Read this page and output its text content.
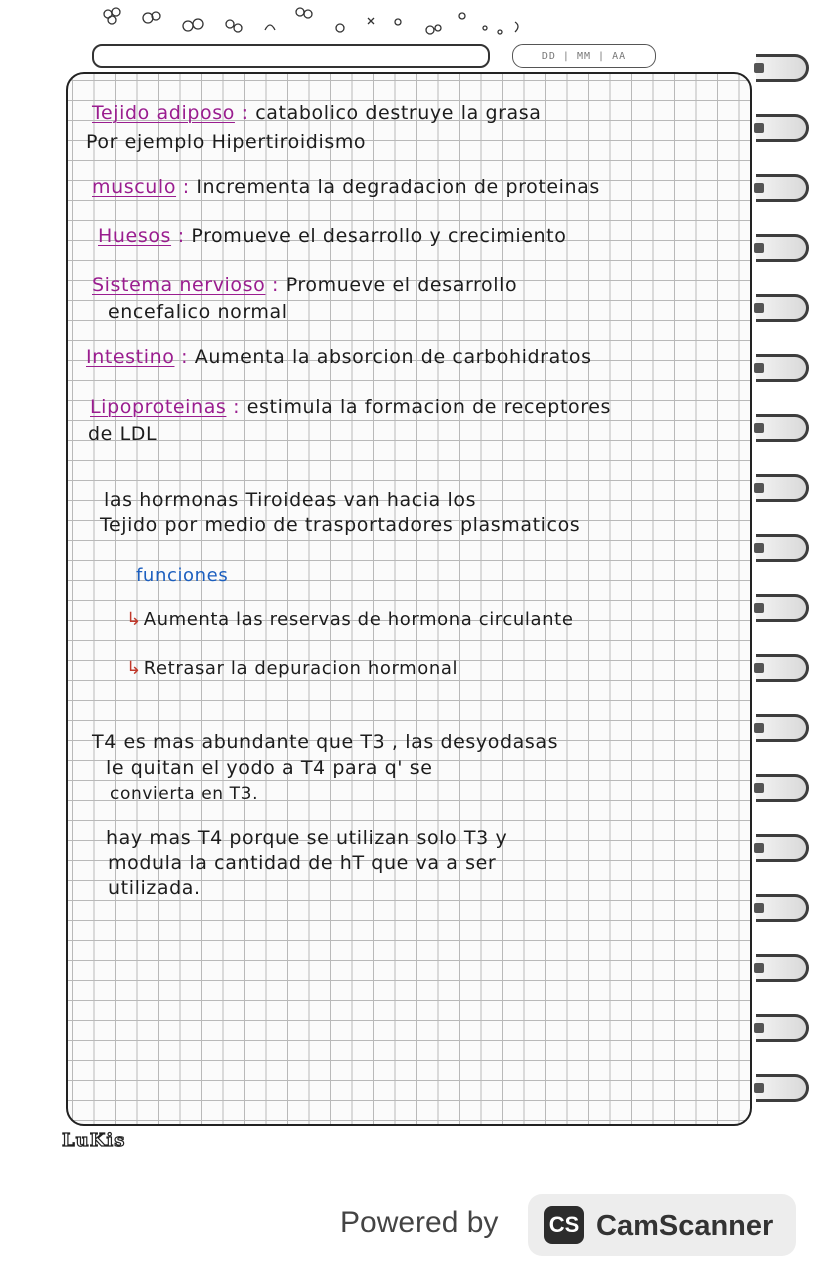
DD | MM | AA
Tejido adiposo : catabolico destruye la grasa
Por ejemplo Hipertiroidismo
musculo : Incrementa la degradacion de proteinas
Huesos : Promueve el desarrollo y crecimiento
Sistema nervioso : Promueve el desarrollo
encefalico normal
Intestino : Aumenta la absorcion de carbohidratos
Lipoproteinas : estimula la formacion de receptores
de LDL
las hormonas Tiroideas van hacia los
Tejido por medio de trasportadores plasmaticos
funciones
↳ Aumenta las reservas de hormona circulante
↳ Retrasar la depuracion hormonal
T4 es mas abundante que T3 , las desyodasas
le quitan el yodo a T4 para q' se
convierta en T3.
hay mas T4 porque se utilizan solo T3 y
modula la cantidad de hT que va a ser
utilizada.
LuKis
Powered by CS CamScanner
